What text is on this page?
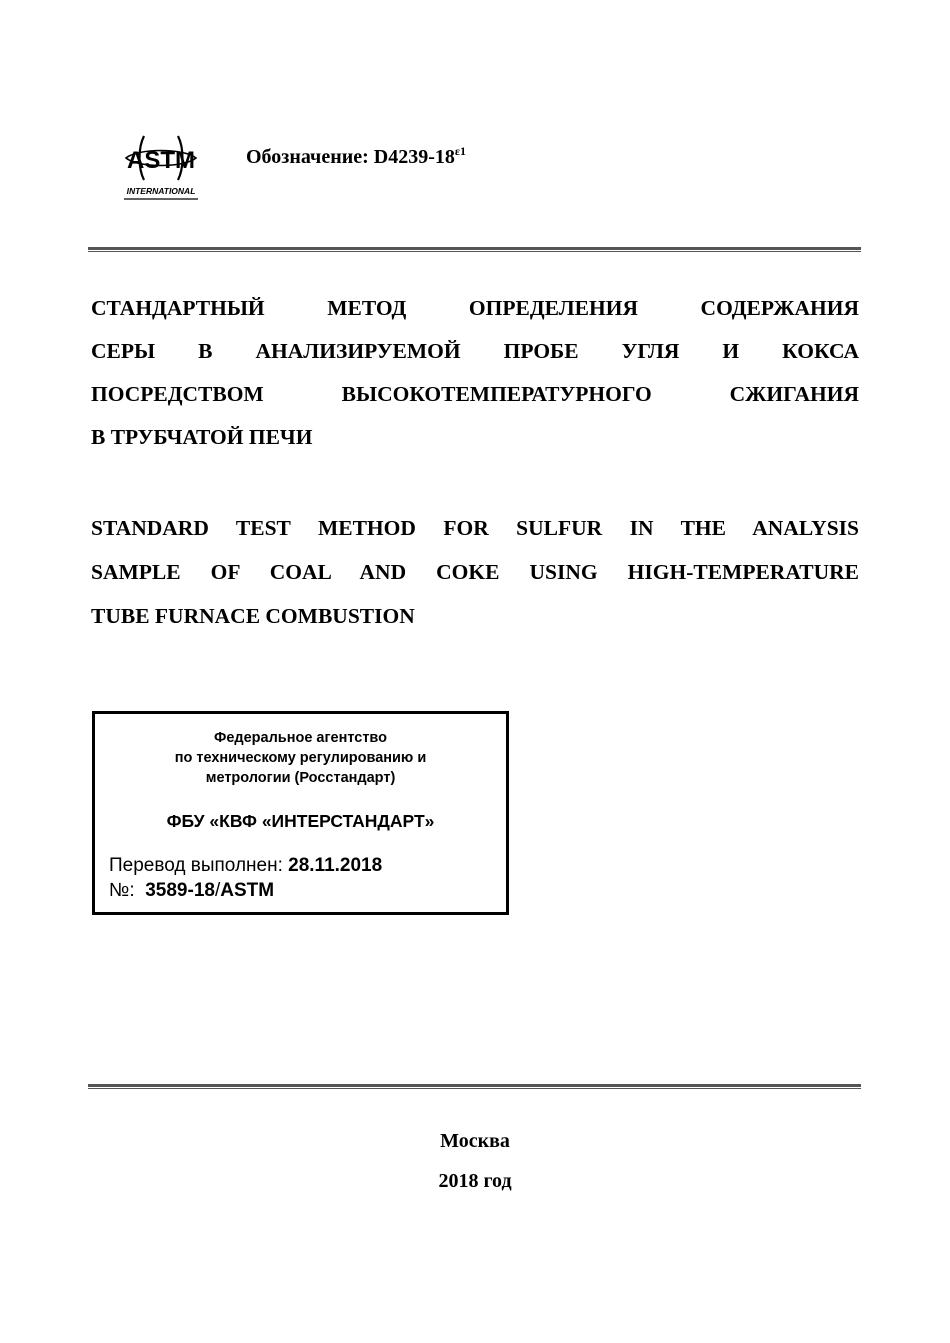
ASTM
INTERNATIONAL
Обозначение: $D4239-18^{\varepsilon 1}$
СТАНДАРТНЫЙ МЕТОД ОПРЕДЕЛЕНИЯ СОДЕРЖАНИЯ
СЕРЫ В АНАЛИЗИРУЕМОЙ ПРОБЕ УГЛЯ И КОКСА
ПОСРЕДСТВОМ ВЫСОКОТЕМПЕРАТУРНОГО СЖИГАНИЯ
В ТРУБЧАТОЙ ПЕЧИ
STANDARD TEST METHOD FOR SULFUR IN THE ANALYSIS
SAMPLE OF COAL AND COKE USING HIGH-TEMPERATURE
TUBE FURNACE COMBUSTION
Федеральное агентство
по техническому регулированию и
метрологии (Росстандарт)
ФБУ «КВФ «ИНТЕРСТАНДАРТ»
Перевод выполнен: 28.11.2018
№: 3589-18/ASTM
Москва
2018 год
